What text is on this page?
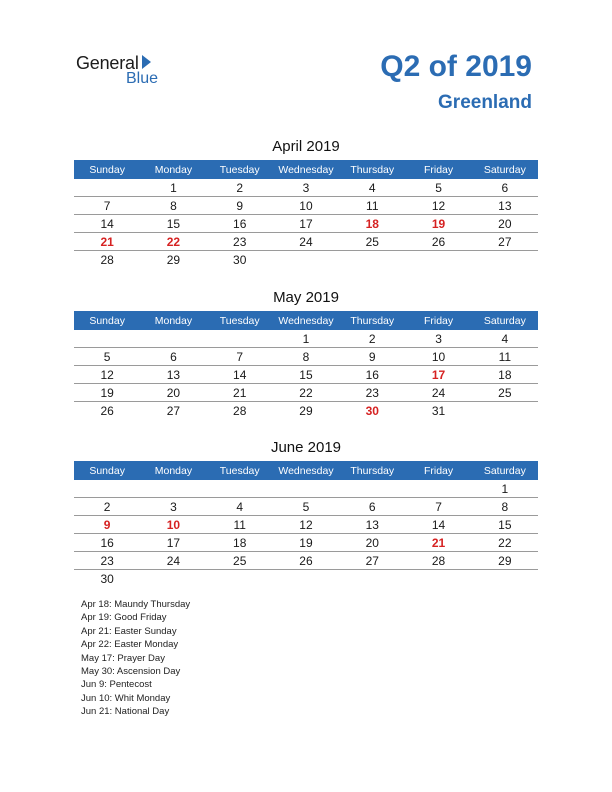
General
Blue	Q2 of 2019
Greenland
April 2019
Sunday	Monday	Tuesday	Wednesday	Thursday	Friday	Saturday
	1	2	3	4	5	6
7	8	9	10	11	12	13
14	15	16	17	18	19	20
21	22	23	24	25	26	27
28	29	30				
May 2019
Sunday	Monday	Tuesday	Wednesday	Thursday	Friday	Saturday
			1	2	3	4
5	6	7	8	9	10	11
12	13	14	15	16	17	18
19	20	21	22	23	24	25
26	27	28	29	30	31	
June 2019
Sunday	Monday	Tuesday	Wednesday	Thursday	Friday	Saturday
						1
2	3	4	5	6	7	8
9	10	11	12	13	14	15
16	17	18	19	20	21	22
23	24	25	26	27	28	29
30						
Apr 18: Maundy Thursday
Apr 19: Good Friday
Apr 21: Easter Sunday
Apr 22: Easter Monday
May 17: Prayer Day
May 30: Ascension Day
Jun 9: Pentecost
Jun 10: Whit Monday
Jun 21: National Day
